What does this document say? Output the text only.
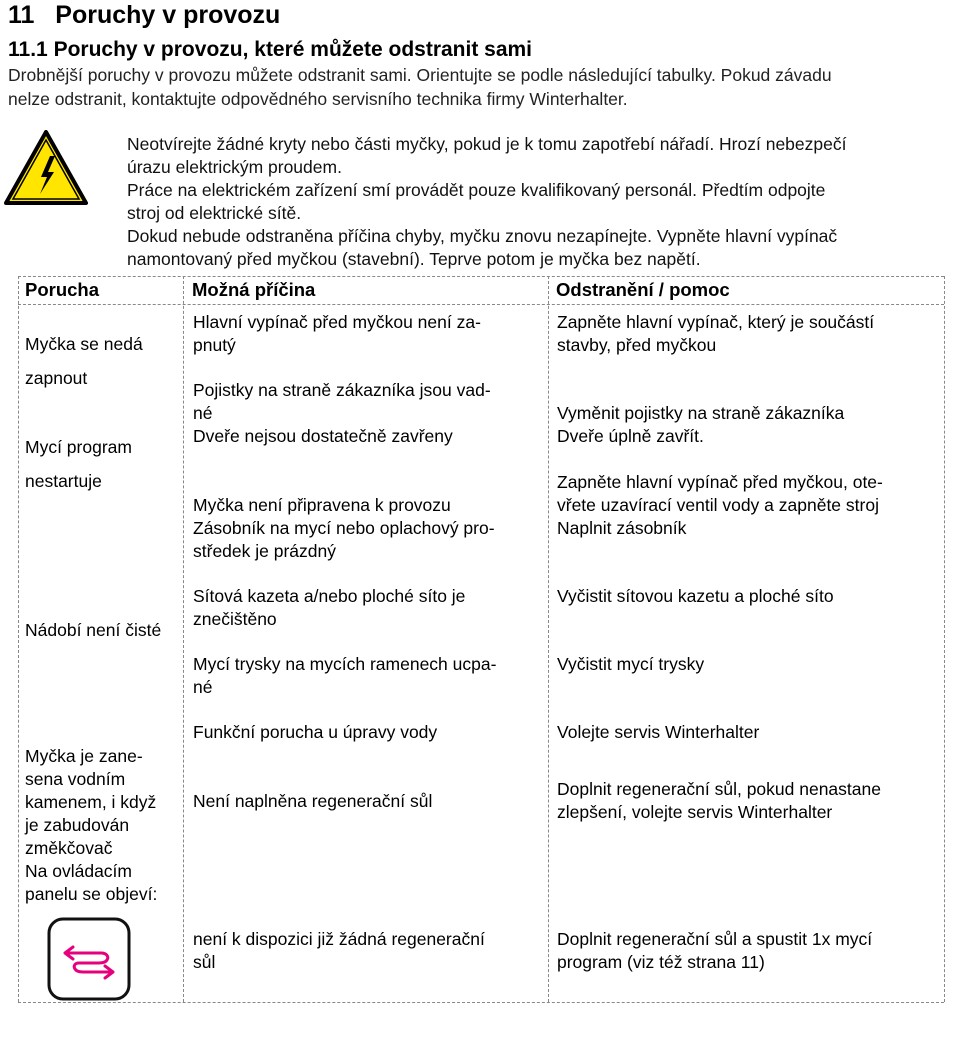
11 Poruchy v provozu
11.1 Poruchy v provozu, které můžete odstranit sami
Drobnější poruchy v provozu můžete odstranit sami. Orientujte se podle následující tabulky. Pokud závadu
nelze odstranit, kontaktujte odpovědného servisního technika firmy Winterhalter.
Neotvírejte žádné kryty nebo části myčky, pokud je k tomu zapotřebí nářadí. Hrozí nebezpečí
úrazu elektrickým proudem.
Práce na elektrickém zařízení smí provádět pouze kvalifikovaný personál. Předtím odpojte
stroj od elektrické sítě.
Dokud nebude odstraněna příčina chyby, myčku znovu nezapínejte. Vypněte hlavní vypínač
namontovaný před myčkou (stavební). Teprve potom je myčka bez napětí.
Porucha	Možná příčina	Odstranění / pomoc
Myčka se nedá
zapnout
Mycí program
nestartuje
Nádobí není čisté
Myčka je zane-
sena vodním
kamenem, i když
je zabudován
změkčovač
Na ovládacím
panelu se objeví:
Hlavní vypínač před myčkou není za-
pnutý
Pojistky na straně zákazníka jsou vad-
né
Dveře nejsou dostatečně zavřeny
Myčka není připravena k provozu
Zásobník na mycí nebo oplachový pro-
středek je prázdný
Sítová kazeta a/nebo ploché síto je
znečištěno
Mycí trysky na mycích ramenech ucpa-
né
Funkční porucha u úpravy vody
Není naplněna regenerační sůl
není k dispozici již žádná regenerační
sůl
Zapněte hlavní vypínač, který je součástí
stavby, před myčkou
Vyměnit pojistky na straně zákazníka
Dveře úplně zavřít.
Zapněte hlavní vypínač před myčkou, ote-
vřete uzavírací ventil vody a zapněte stroj
Naplnit zásobník
Vyčistit sítovou kazetu a ploché síto
Vyčistit mycí trysky
Volejte servis Winterhalter
Doplnit regenerační sůl, pokud nenastane
zlepšení, volejte servis Winterhalter
Doplnit regenerační sůl a spustit 1x mycí
program (viz též strana 11)
